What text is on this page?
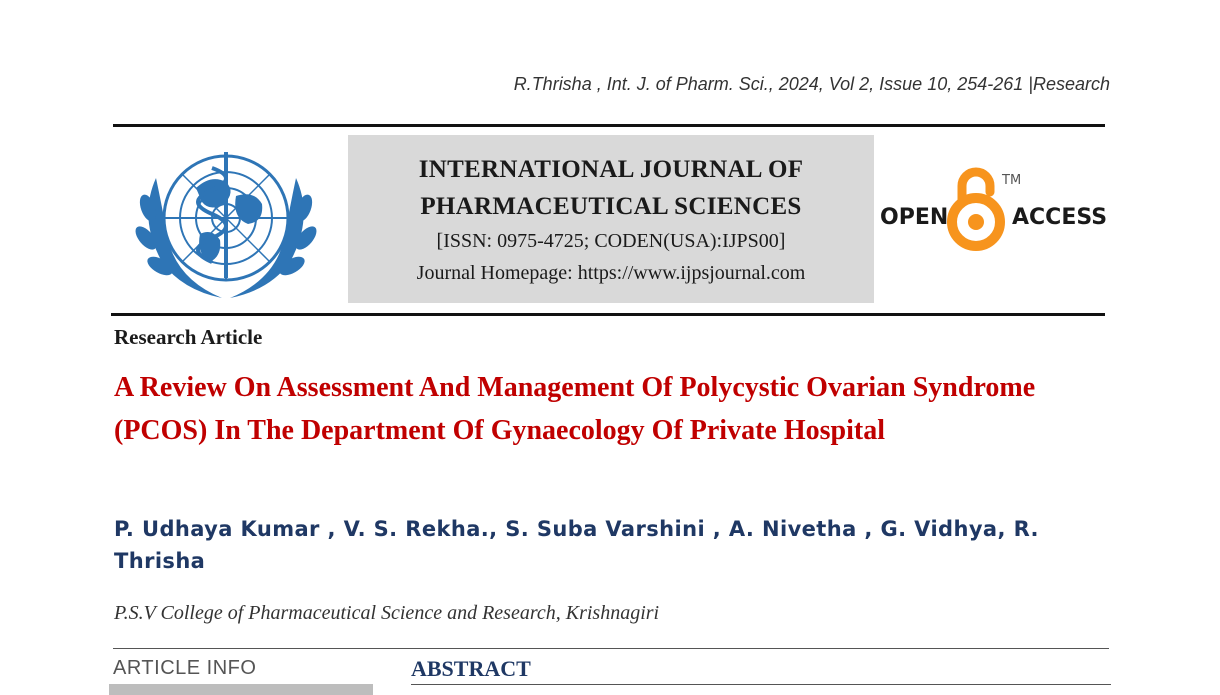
R.Thrisha , Int. J. of Pharm. Sci., 2024, Vol 2, Issue 10, 254-261 |Research
INTERNATIONAL JOURNAL OF
PHARMACEUTICAL SCIENCES
[ISSN: 0975-4725; CODEN(USA):IJPS00]
Journal Homepage: https://www.ijpsjournal.com
OPEN
TM
ACCESS
Research Article
A Review On Assessment And Management Of Polycystic Ovarian Syndrome (PCOS) In The Department Of Gynaecology Of Private Hospital
P. Udhaya Kumar , V. S. Rekha., S. Suba Varshini , A. Nivetha , G. Vidhya, R. Thrisha
P.S.V College of Pharmaceutical Science and Research, Krishnagiri
ARTICLE INFO	ABSTRACT
